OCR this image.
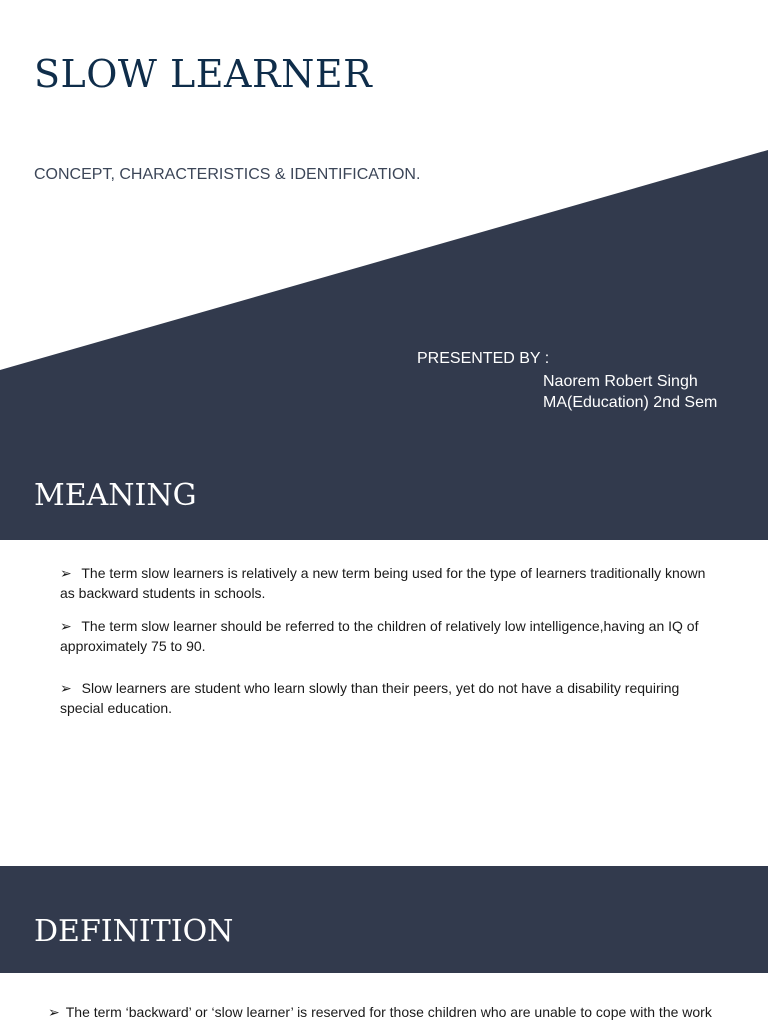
SLOW LEARNER
CONCEPT, CHARACTERISTICS & IDENTIFICATION.
PRESENTED BY :
Naorem Robert Singh
MA(Education) 2nd Sem
MEANING
➢ The term slow learners is relatively a new term being used for the type of learners traditionally known as backward students in schools.
➢ The term slow learner should be referred to the children of relatively low intelligence,having an IQ of approximately 75 to 90.
➢ Slow learners are student who learn slowly than their peers, yet do not have a disability requiring special education.
DEFINITION
➢ The term ‘backward’ or ‘slow learner’ is reserved for those children who are unable to cope with the work
